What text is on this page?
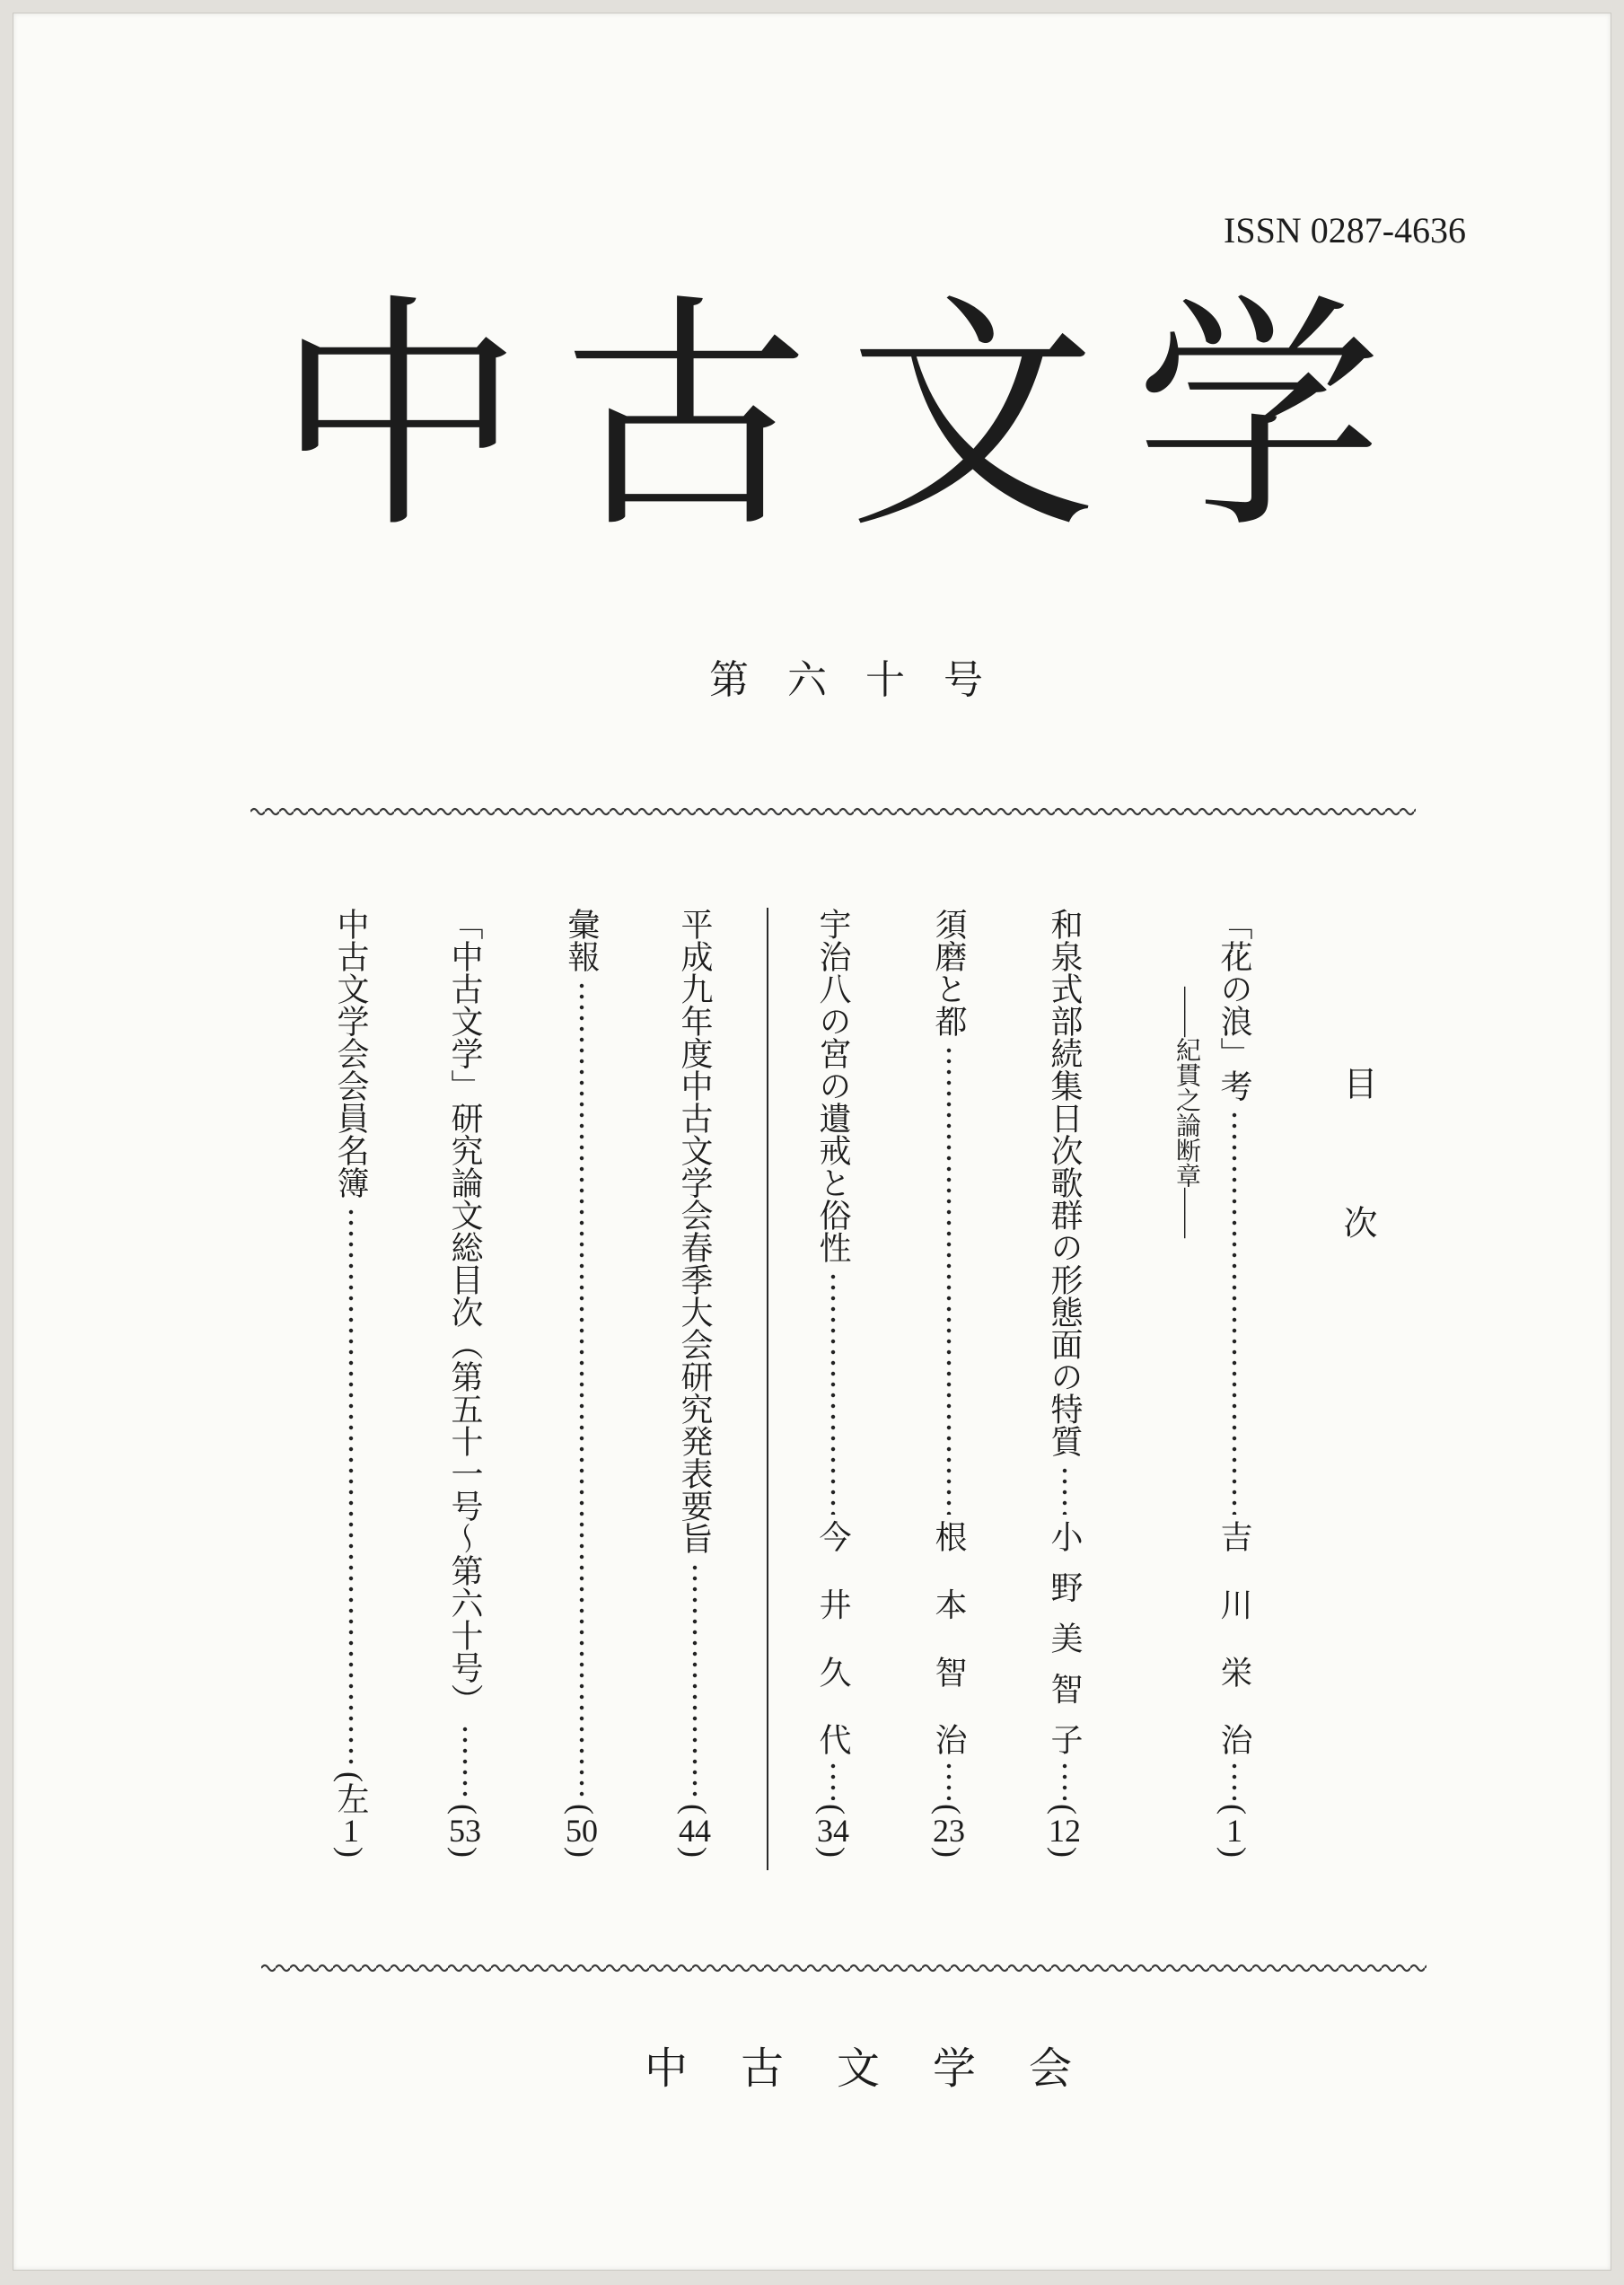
ISSN 0287-4636
中古文学
第六十号
目次
「花の浪」考
吉川栄治
(1)
――紀貫之論断章――
和泉式部続集日次歌群の形態面の特質
小野美智子
(12)
須磨と都
根本智治
(23)
宇治八の宮の遺戒と俗性
今井久代
(34)
平成九年度中古文学会春季大会研究発表要旨
(44)
彙報
(50)
「中古文学」研究論文総目次（第五十一号〜第六十号）
(53)
中古文学会会員名簿
(左1)
中古文学会
